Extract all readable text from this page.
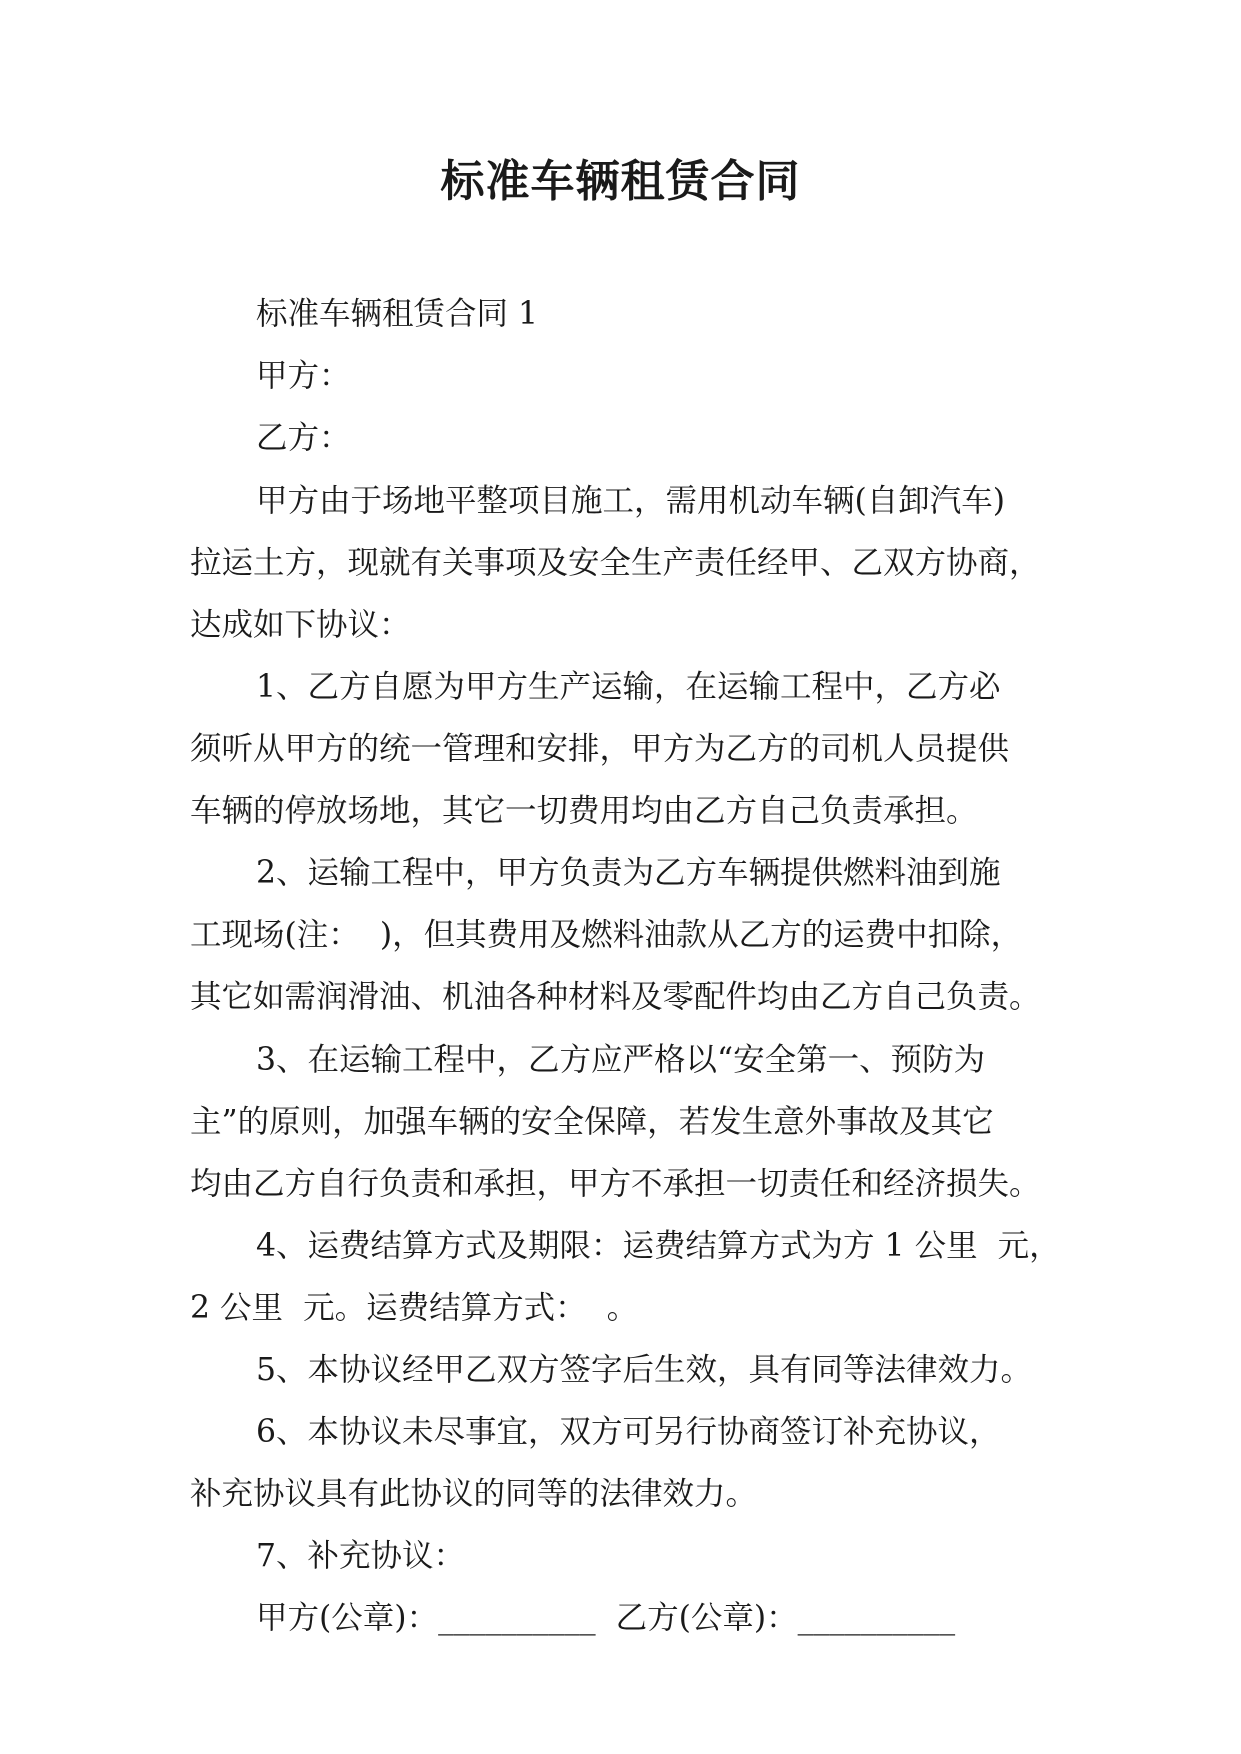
标准车辆租赁合同

标准车辆租赁合同 1

甲方：

乙方：

甲方由于场地平整项目施工，需用机动车辆(自卸汽车)

拉运土方，现就有关事项及安全生产责任经甲、乙双方协商，

达成如下协议：

1、乙方自愿为甲方生产运输，在运输工程中，乙方必

须听从甲方的统一管理和安排，甲方为乙方的司机人员提供

车辆的停放场地，其它一切费用均由乙方自己负责承担。

2、运输工程中，甲方负责为乙方车辆提供燃料油到施

工现场(注：  )，但其费用及燃料油款从乙方的运费中扣除，

其它如需润滑油、机油各种材料及零配件均由乙方自己负责。

3、在运输工程中，乙方应严格以“安全第一、预防为

主”的原则，加强车辆的安全保障，若发生意外事故及其它

均由乙方自行负责和承担，甲方不承担一切责任和经济损失。

4、运费结算方式及期限：运费结算方式为方 1 公里  元，

2 公里  元。运费结算方式：  。

5、本协议经甲乙双方签字后生效，具有同等法律效力。

6、本协议未尽事宜，双方可另行协商签订补充协议，

补充协议具有此协议的同等的法律效力。

7、补充协议：

甲方(公章)：__________  乙方(公章)：__________
